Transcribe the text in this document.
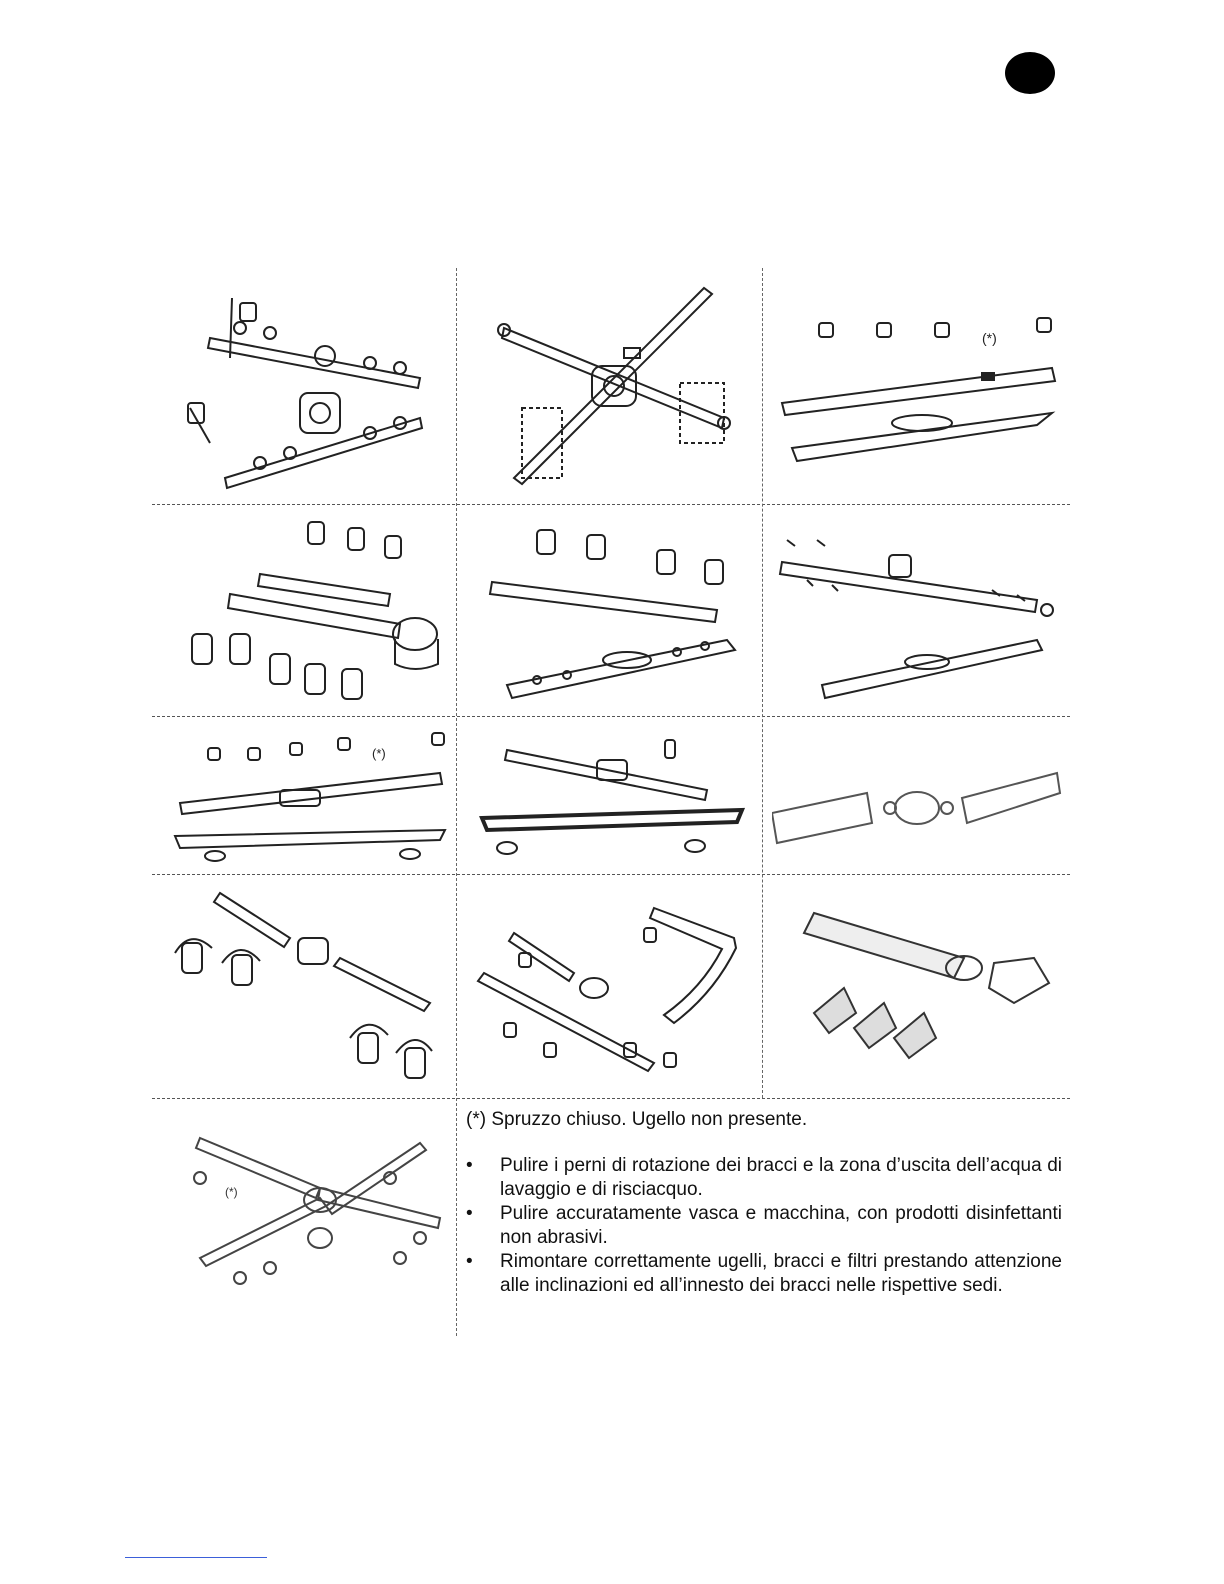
(*)
(*)
(*)
(*) Spruzzo chiuso. Ugello non presente.
• Pulire i perni di rotazione dei bracci e la zona d’uscita dell’acqua di lavaggio e di risciacquo.
• Pulire accuratamente vasca e macchina, con prodotti disinfettanti non abrasivi.
• Rimontare correttamente ugelli, bracci e filtri prestando attenzione alle inclinazioni ed all’innesto dei bracci nelle rispettive sedi.
